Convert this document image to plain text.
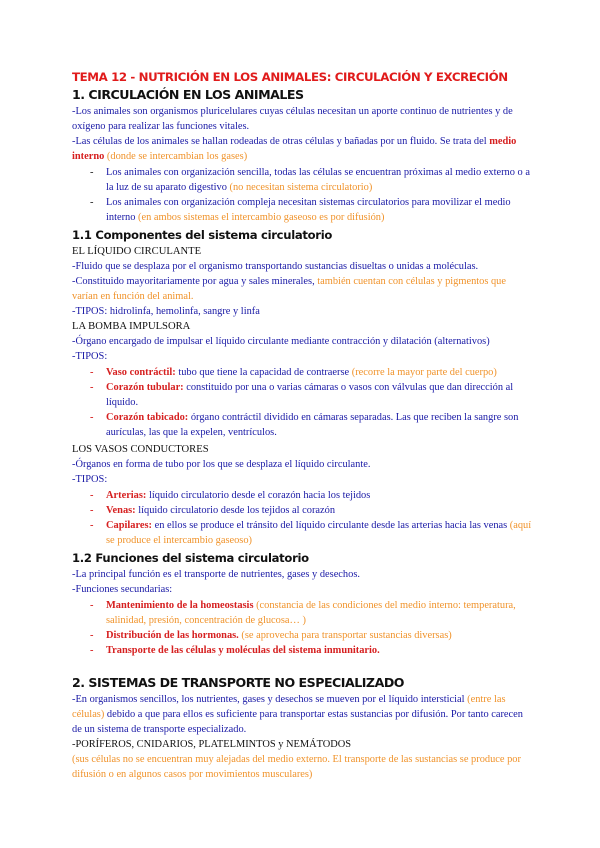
TEMA 12 - NUTRICIÓN EN LOS ANIMALES: CIRCULACIÓN Y EXCRECIÓN
1. CIRCULACIÓN EN LOS ANIMALES

-Los animales son organismos pluricelulares cuyas células necesitan un aporte continuo de nutrientes y de oxígeno para realizar las funciones vitales.

-Las células de los animales se hallan rodeadas de otras células y bañadas por un fluido. Se trata del medio interno (donde se intercambian los gases)

- Los animales con organización sencilla, todas las células se encuentran próximas al medio externo o a la luz de su aparato digestivo (no necesitan sistema circulatorio)
- Los animales con organización compleja necesitan sistemas circulatorios para movilizar el medio interno (en ambos sistemas el intercambio gaseoso es por difusión)
1.1 Componentes del sistema circulatorio
EL LÍQUIDO CIRCULANTE

-Fluido que se desplaza por el organismo transportando sustancias disueltas o unidas a moléculas.

-Constituido mayoritariamente por agua y sales minerales, también cuentan con células y pigmentos que varían en función del animal.

-TIPOS: hidrolinfa, hemolinfa, sangre y linfa

LA BOMBA IMPULSORA

-Órgano encargado de impulsar el líquido circulante mediante contracción y dilatación (alternativos)

-TIPOS:

- Vaso contráctil: tubo que tiene la capacidad de contraerse (recorre la mayor parte del cuerpo)
- Corazón tubular: constituido por una o varias cámaras o vasos con válvulas que dan dirección al líquido.
- Corazón tabicado: órgano contráctil dividido en cámaras separadas. Las que reciben la sangre son aurículas, las que la expelen, ventrículos.
LOS VASOS CONDUCTORES

-Órganos en forma de tubo por los que se desplaza el líquido circulante.

-TIPOS:

- Arterias: líquido circulatorio desde el corazón hacia los tejidos
- Venas: líquido circulatorio desde los tejidos al corazón
- Capilares: en ellos se produce el tránsito del líquido circulante desde las arterias hacia las venas (aquí se produce el intercambio gaseoso)
1.2 Funciones del sistema circulatorio

-La principal función es el transporte de nutrientes, gases y desechos.

-Funciones secundarias:

- Mantenimiento de la homeostasis (constancia de las condiciones del medio interno: temperatura, salinidad, presión, concentración de glucosa… )
- Distribución de las hormonas. (se aprovecha para transportar sustancias diversas)
- Transporte de las células y moléculas del sistema inmunitario.
2. SISTEMAS DE TRANSPORTE NO ESPECIALIZADO

-En organismos sencillos, los nutrientes, gases y desechos se mueven por el líquido intersticial (entre las células) debido a que para ellos es suficiente para transportar estas sustancias por difusión. Por tanto carecen de un sistema de transporte especializado.

-PORÍFEROS, CNIDARIOS, PLATELMINTOS y NEMÁTODOS

(sus células no se encuentran muy alejadas del medio externo. El transporte de las sustancias se produce por difusión o en algunos casos por movimientos musculares)
